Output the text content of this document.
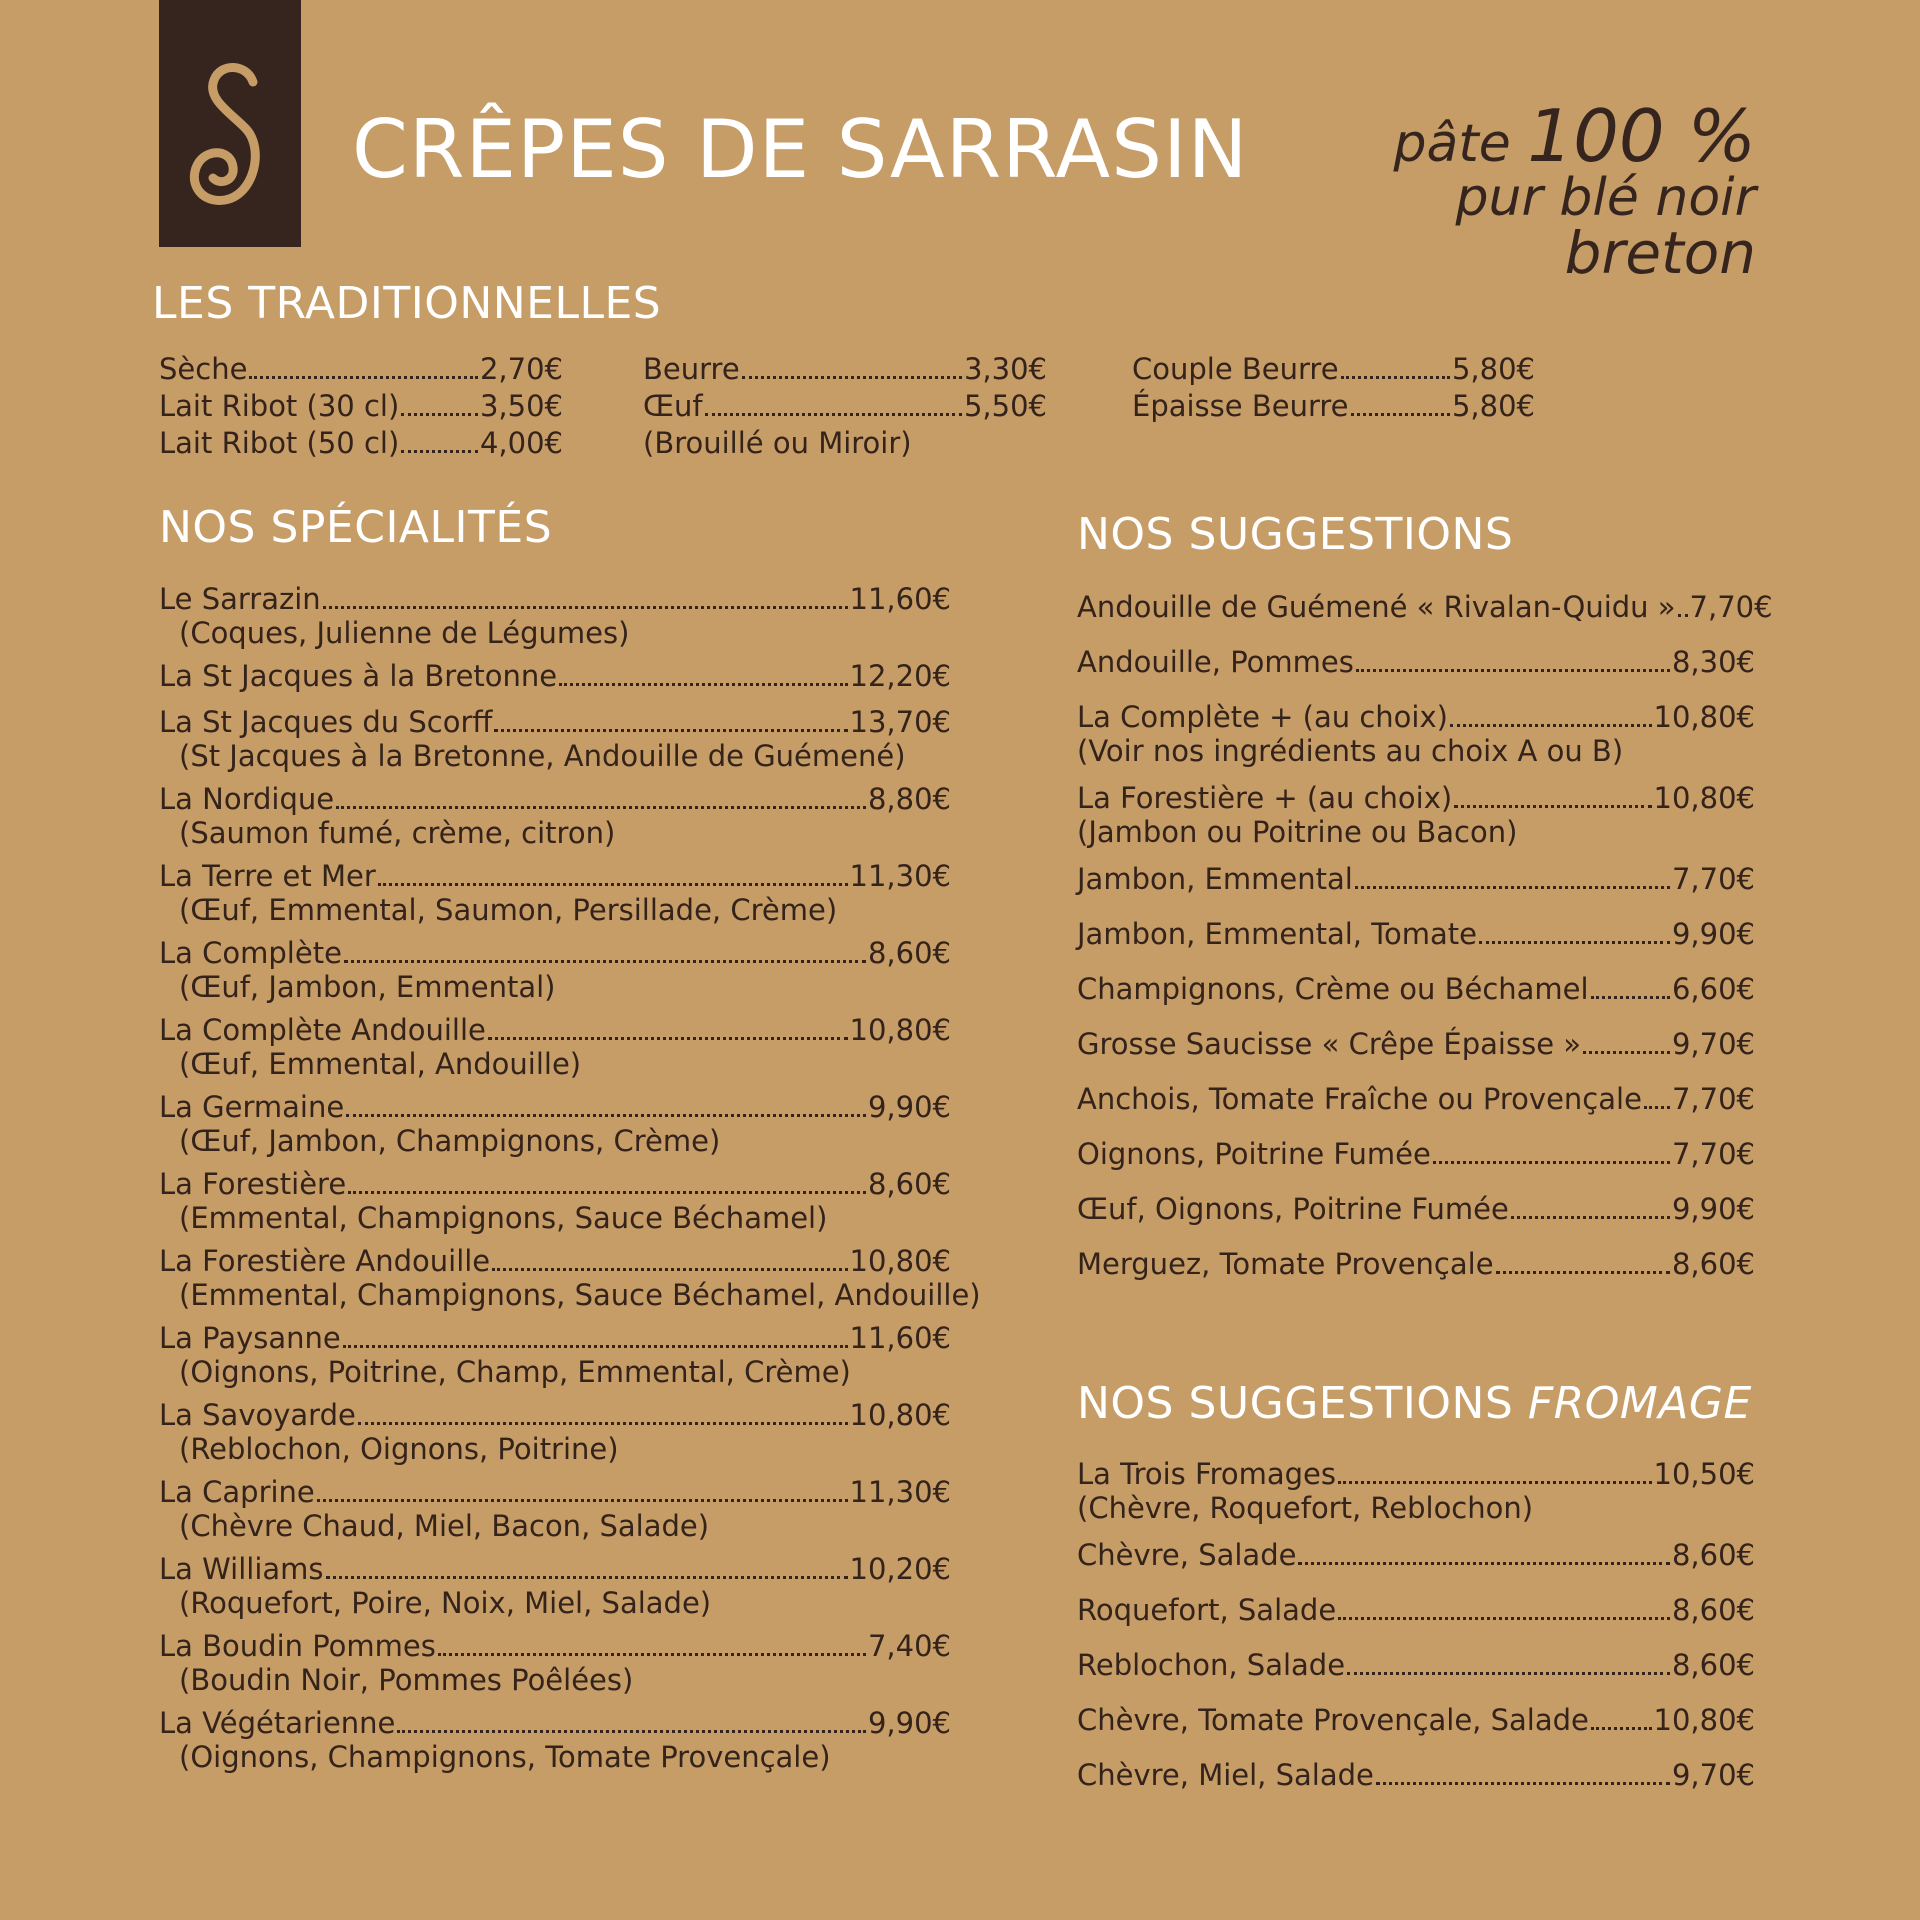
CRÊPES DE SARRASIN	pâte 100 %
pur blé noir
breton
LES TRADITIONNELLES
Sèche	2,70€
Lait Ribot (30 cl)	3,50€
Lait Ribot (50 cl)	4,00€
Beurre	3,30€
Œuf	5,50€
(Brouillé ou Miroir)
Couple Beurre	5,80€
Épaisse Beurre	5,80€
NOS SPÉCIALITÉS
Le Sarrazin	11,60€
(Coques, Julienne de Légumes)
La St Jacques à la Bretonne	12,20€
La St Jacques du Scorff	13,70€
(St Jacques à la Bretonne, Andouille de Guémené)
La Nordique	8,80€
(Saumon fumé, crème, citron)
La Terre et Mer	11,30€
(Œuf, Emmental, Saumon, Persillade, Crème)
La Complète	8,60€
(Œuf, Jambon, Emmental)
La Complète Andouille	10,80€
(Œuf, Emmental, Andouille)
La Germaine	9,90€
(Œuf, Jambon, Champignons, Crème)
La Forestière	8,60€
(Emmental, Champignons, Sauce Béchamel)
La Forestière Andouille	10,80€
(Emmental, Champignons, Sauce Béchamel, Andouille)
La Paysanne	11,60€
(Oignons, Poitrine, Champ, Emmental, Crème)
La Savoyarde	10,80€
(Reblochon, Oignons, Poitrine)
La Caprine	11,30€
(Chèvre Chaud, Miel, Bacon, Salade)
La Williams	10,20€
(Roquefort, Poire, Noix, Miel, Salade)
La Boudin Pommes	7,40€
(Boudin Noir, Pommes Poêlées)
La Végétarienne	9,90€
(Oignons, Champignons, Tomate Provençale)
NOS SUGGESTIONS
Andouille de Guémené « Rivalan-Quidu » 7,70€
Andouille, Pommes	8,30€
La Complète + (au choix)	10,80€
(Voir nos ingrédients au choix A ou B)
La Forestière + (au choix)	10,80€
(Jambon ou Poitrine ou Bacon)
Jambon, Emmental	7,70€
Jambon, Emmental, Tomate	9,90€
Champignons, Crème ou Béchamel	6,60€
Grosse Saucisse « Crêpe Épaisse »	9,70€
Anchois, Tomate Fraîche ou Provençale 7,70€
Oignons, Poitrine Fumée	7,70€
Œuf, Oignons, Poitrine Fumée	9,90€
Merguez, Tomate Provençale	8,60€
NOS SUGGESTIONS FROMAGE
La Trois Fromages	10,50€
(Chèvre, Roquefort, Reblochon)
Chèvre, Salade	8,60€
Roquefort, Salade	8,60€
Reblochon, Salade	8,60€
Chèvre, Tomate Provençale, Salade 10,80€
Chèvre, Miel, Salade	9,70€
